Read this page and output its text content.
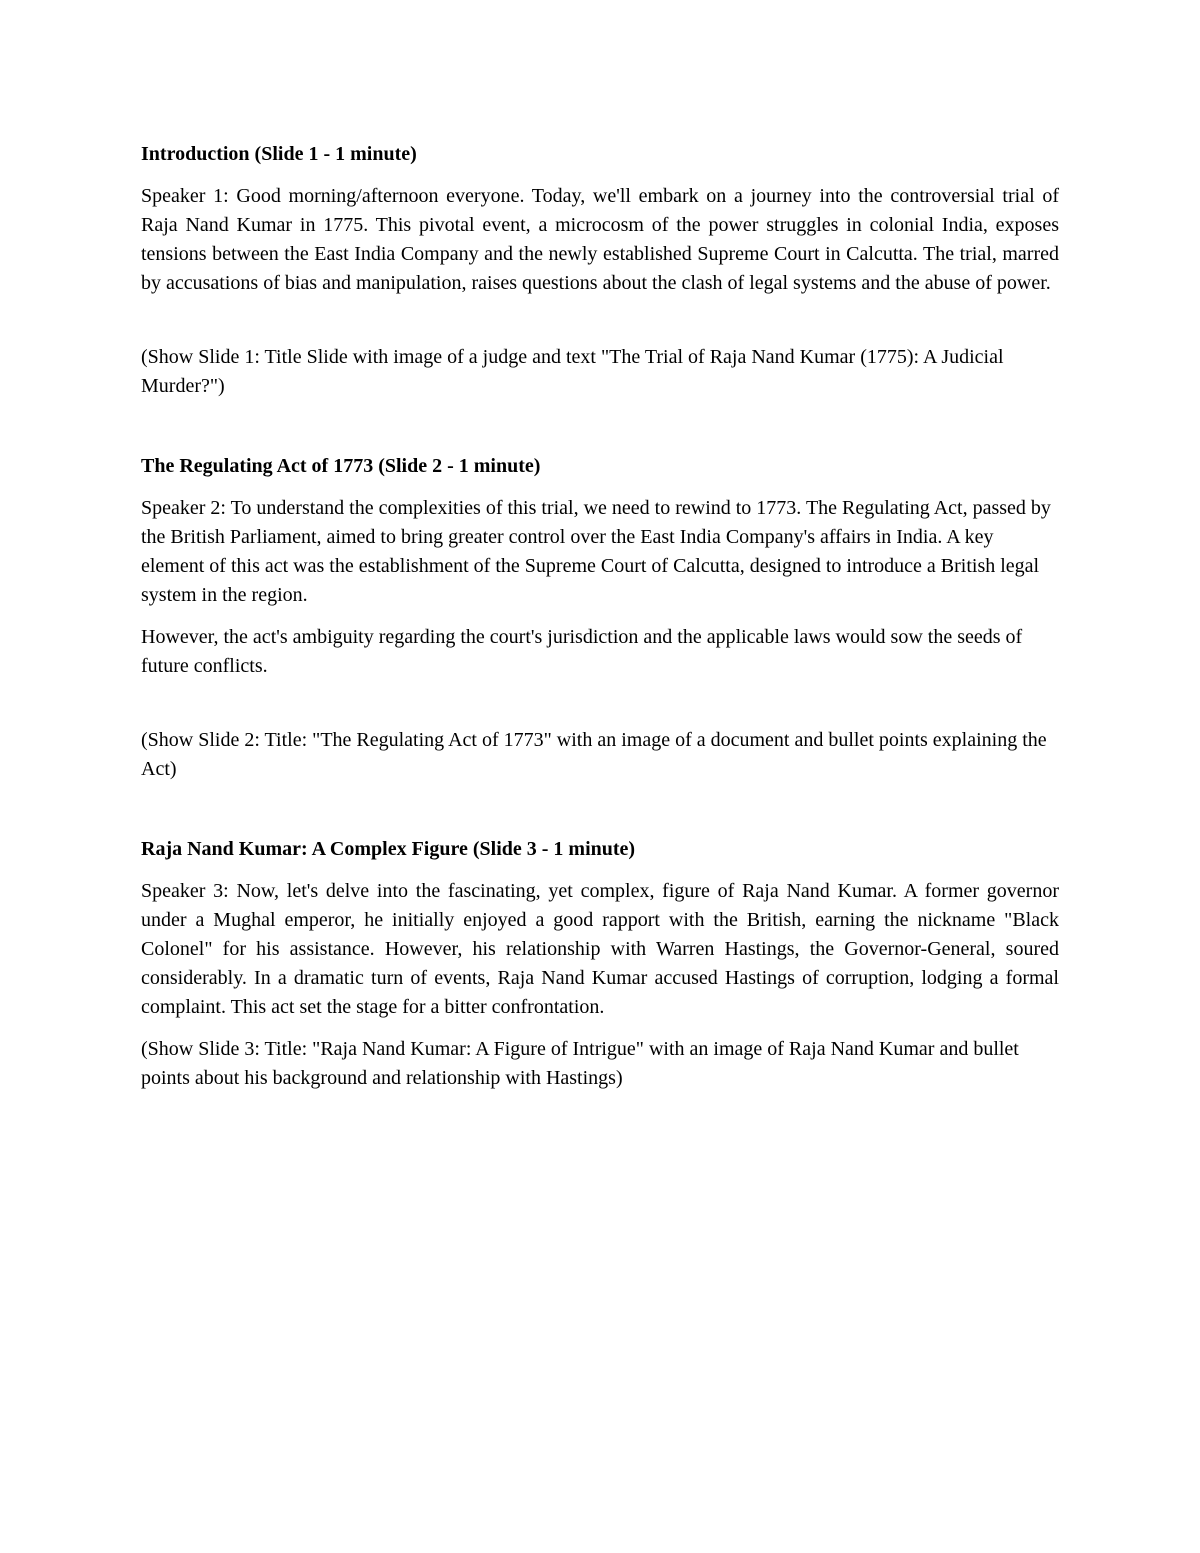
Introduction (Slide 1 - 1 minute)
Speaker 1: Good morning/afternoon everyone. Today, we'll embark on a journey into the controversial trial of Raja Nand Kumar in 1775. This pivotal event, a microcosm of the power struggles in colonial India, exposes tensions between the East India Company and the newly established Supreme Court in Calcutta. The trial, marred by accusations of bias and manipulation, raises questions about the clash of legal systems and the abuse of power.
(Show Slide 1: Title Slide with image of a judge and text "The Trial of Raja Nand Kumar (1775): A Judicial Murder?")
The Regulating Act of 1773 (Slide 2 - 1 minute)
Speaker 2: To understand the complexities of this trial, we need to rewind to 1773. The Regulating Act, passed by the British Parliament, aimed to bring greater control over the East India Company's affairs in India. A key element of this act was the establishment of the Supreme Court of Calcutta, designed to introduce a British legal system in the region.
However, the act's ambiguity regarding the court's jurisdiction and the applicable laws would sow the seeds of future conflicts.
(Show Slide 2: Title: "The Regulating Act of 1773" with an image of a document and bullet points explaining the Act)
Raja Nand Kumar: A Complex Figure (Slide 3 - 1 minute)
Speaker 3: Now, let's delve into the fascinating, yet complex, figure of Raja Nand Kumar. A former governor under a Mughal emperor, he initially enjoyed a good rapport with the British, earning the nickname "Black Colonel" for his assistance. However, his relationship with Warren Hastings, the Governor-General, soured considerably. In a dramatic turn of events, Raja Nand Kumar accused Hastings of corruption, lodging a formal complaint. This act set the stage for a bitter confrontation.
(Show Slide 3: Title: "Raja Nand Kumar: A Figure of Intrigue" with an image of Raja Nand Kumar and bullet points about his background and relationship with Hastings)
